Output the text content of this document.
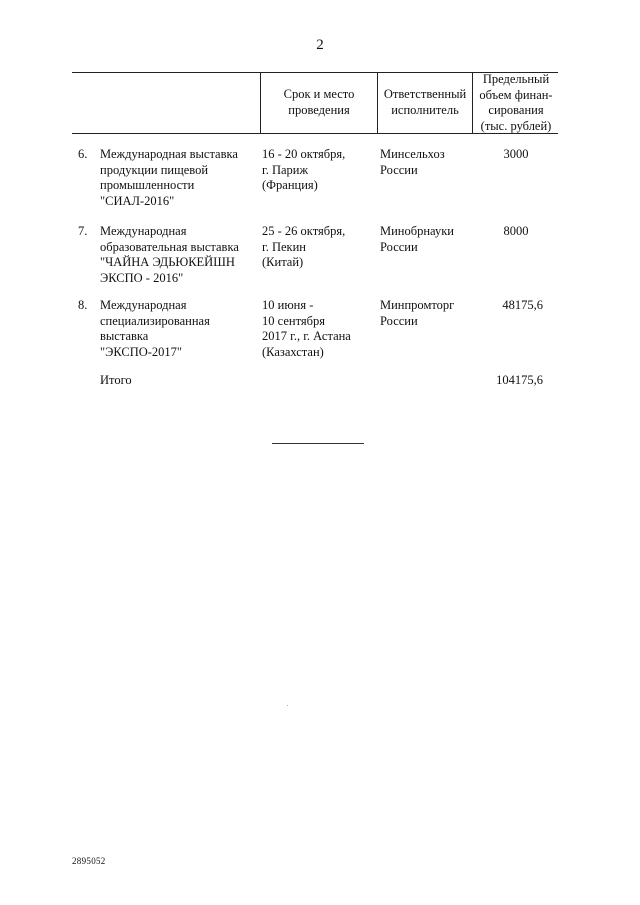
2
Срок и место
проведения
Ответственный
исполнитель
Предельный
объем финан-
сирования
(тыс. рублей)
6. Международная выставка
продукции пищевой
промышленности
"СИАЛ-2016"
16 - 20 октября,
г. Париж
(Франция)
Минсельхоз
России
3000
7. Международная
образовательная выставка
"ЧАЙНА ЭДЬЮКЕЙШН
ЭКСПО - 2016"
25 - 26 октября,
г. Пекин
(Китай)
Минобрнауки
России
8000
8. Международная
специализированная
выставка
"ЭКСПО-2017"
10 июня -
10 сентября
2017 г., г. Астана
(Казахстан)
Минпромторг
России
48175,6
Итого	104175,6
2895052
